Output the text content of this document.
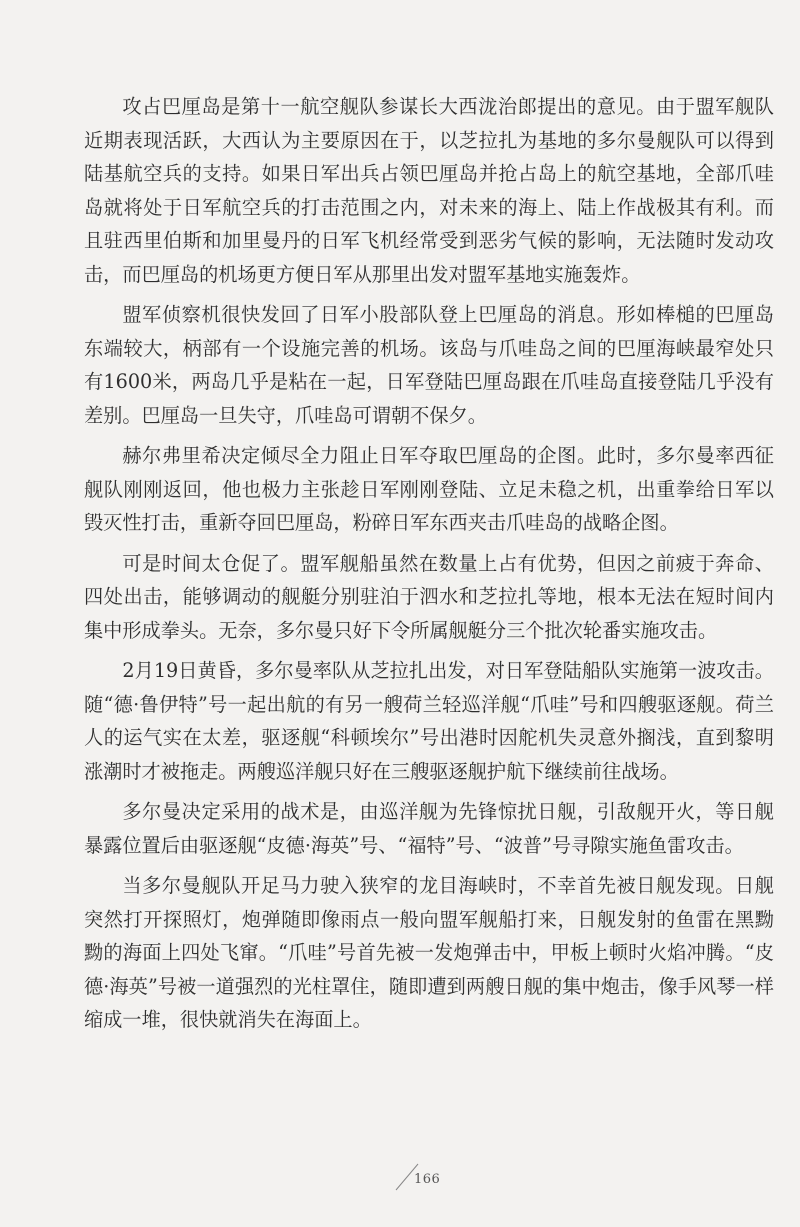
攻占巴厘岛是第十一航空舰队参谋长大西泷治郎提出的意见。由于盟军舰队近期表现活跃，大西认为主要原因在于，以芝拉扎为基地的多尔曼舰队可以得到陆基航空兵的支持。如果日军出兵占领巴厘岛并抢占岛上的航空基地，全部爪哇岛就将处于日军航空兵的打击范围之内，对未来的海上、陆上作战极其有利。而且驻西里伯斯和加里曼丹的日军飞机经常受到恶劣气候的影响，无法随时发动攻击，而巴厘岛的机场更方便日军从那里出发对盟军基地实施轰炸。

盟军侦察机很快发回了日军小股部队登上巴厘岛的消息。形如棒槌的巴厘岛东端较大，柄部有一个设施完善的机场。该岛与爪哇岛之间的巴厘海峡最窄处只有1600米，两岛几乎是粘在一起，日军登陆巴厘岛跟在爪哇岛直接登陆几乎没有差别。巴厘岛一旦失守，爪哇岛可谓朝不保夕。

赫尔弗里希决定倾尽全力阻止日军夺取巴厘岛的企图。此时，多尔曼率西征舰队刚刚返回，他也极力主张趁日军刚刚登陆、立足未稳之机，出重拳给日军以毁灭性打击，重新夺回巴厘岛，粉碎日军东西夹击爪哇岛的战略企图。

可是时间太仓促了。盟军舰船虽然在数量上占有优势，但因之前疲于奔命、四处出击，能够调动的舰艇分别驻泊于泗水和芝拉扎等地，根本无法在短时间内集中形成拳头。无奈，多尔曼只好下令所属舰艇分三个批次轮番实施攻击。

2月19日黄昏，多尔曼率队从芝拉扎出发，对日军登陆船队实施第一波攻击。随“德·鲁伊特”号一起出航的有另一艘荷兰轻巡洋舰“爪哇”号和四艘驱逐舰。荷兰人的运气实在太差，驱逐舰“科顿埃尔”号出港时因舵机失灵意外搁浅，直到黎明涨潮时才被拖走。两艘巡洋舰只好在三艘驱逐舰护航下继续前往战场。

多尔曼决定采用的战术是，由巡洋舰为先锋惊扰日舰，引敌舰开火，等日舰暴露位置后由驱逐舰“皮德·海英”号、“福特”号、“波普”号寻隙实施鱼雷攻击。

当多尔曼舰队开足马力驶入狭窄的龙目海峡时，不幸首先被日舰发现。日舰突然打开探照灯，炮弹随即像雨点一般向盟军舰船打来，日舰发射的鱼雷在黑黝黝的海面上四处飞窜。“爪哇”号首先被一发炮弹击中，甲板上顿时火焰冲腾。“皮德·海英”号被一道强烈的光柱罩住，随即遭到两艘日舰的集中炮击，像手风琴一样缩成一堆，很快就消失在海面上。

166
